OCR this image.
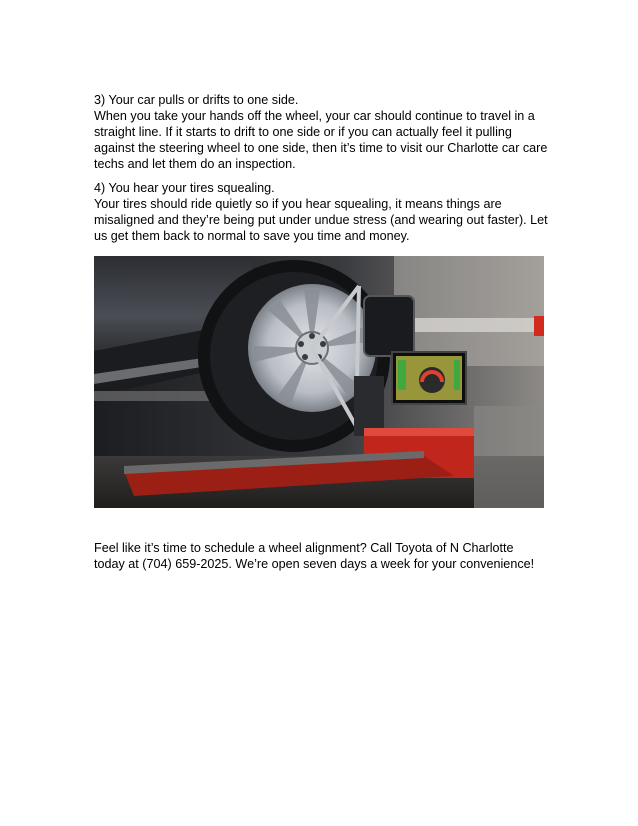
3) Your car pulls or drifts to one side.

When you take your hands off the wheel, your car should continue to travel in a

straight line. If it starts to drift to one side or if you can actually feel it pulling

against the steering wheel to one side, then it’s time to visit our Charlotte car care

techs and let them do an inspection.

4) You hear your tires squealing.

Your tires should ride quietly so if you hear squealing, it means things are

misaligned and they’re being put under undue stress (and wearing out faster). Let

us get them back to normal to save you time and money.

Feel like it’s time to schedule a wheel alignment? Call Toyota of N Charlotte

today at (704) 659-2025. We’re open seven days a week for your convenience!
